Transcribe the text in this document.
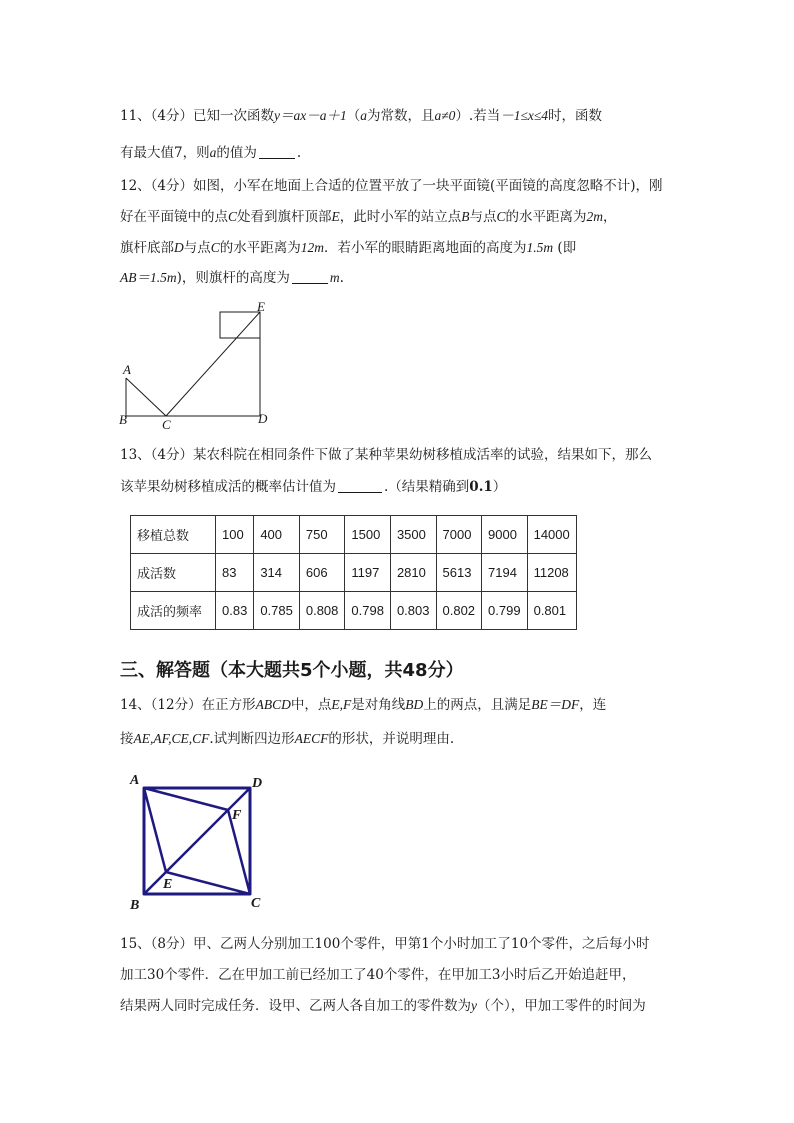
11、（4分）已知一次函数y＝ax－a＋1（a为常数，且a≠0）.若当－1≤x≤4时，函数
有最大值7，则a的值为	.
12、（4分）如图，小军在地面上合适的位置平放了一块平面镜(平面镜的高度忽略不计)，刚
好在平面镜中的点C处看到旗杆顶部E，此时小军的站立点B与点C的水平距离为2m，
旗杆底部D与点C的水平距离为12m．若小军的眼睛距离地面的高度为1.5m (即
AB＝1.5m)，则旗杆的高度为	m.
A
B	C	D
E
13、（4分）某农科院在相同条件下做了某种苹果幼树移植成活率的试验，结果如下，那么
该苹果幼树移植成活的概率估计值为	.（结果精确到0.1）
移植总数	100	400	750	1500	3500	7000	9000	14000
成活数	83	314	606	1197	2810	5613	7194	11208
成活的频率	0.83	0.785	0.808	0.798	0.803	0.802	0.799	0.801
三、解答题（本大题共5个小题，共48分）
14、（12分）在正方形ABCD中，点E,F是对角线BD上的两点，且满足BE＝DF，连
接AE,AF,CE,CF.试判断四边形AECF的形状，并说明理由.
A	D
B	C
F
E
15、（8分）甲、乙两人分别加工100个零件，甲第1个小时加工了10个零件，之后每小时
加工30个零件．乙在甲加工前已经加工了40个零件，在甲加工3小时后乙开始追赶甲，
结果两人同时完成任务．设甲、乙两人各自加工的零件数为y（个），甲加工零件的时间为
